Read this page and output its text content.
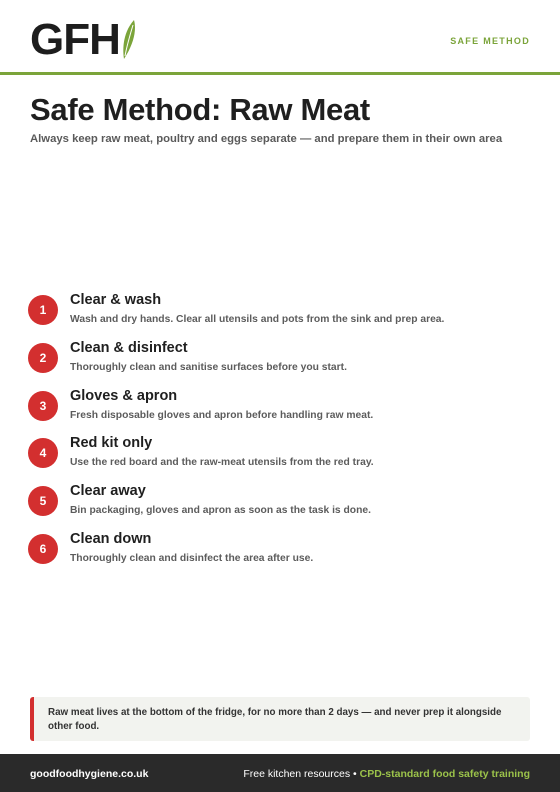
GFH	SAFE METHOD
Safe Method: Raw Meat

Always keep raw meat, poultry and eggs separate — and prepare them in their own area

1
Clear & wash
Wash and dry hands. Clear all utensils and pots from the sink and prep area.
2
Clean & disinfect
Thoroughly clean and sanitise surfaces before you start.
3
Gloves & apron
Fresh disposable gloves and apron before handling raw meat.
4
Red kit only
Use the red board and the raw-meat utensils from the red tray.
5
Clear away
Bin packaging, gloves and apron as soon as the task is done.
6
Clean down
Thoroughly clean and disinfect the area after use.
Raw meat lives at the bottom of the fridge, for no more than 2 days — and never prep it alongside other food.
goodfoodhygiene.co.uk	Free kitchen resources • CPD-standard food safety training
